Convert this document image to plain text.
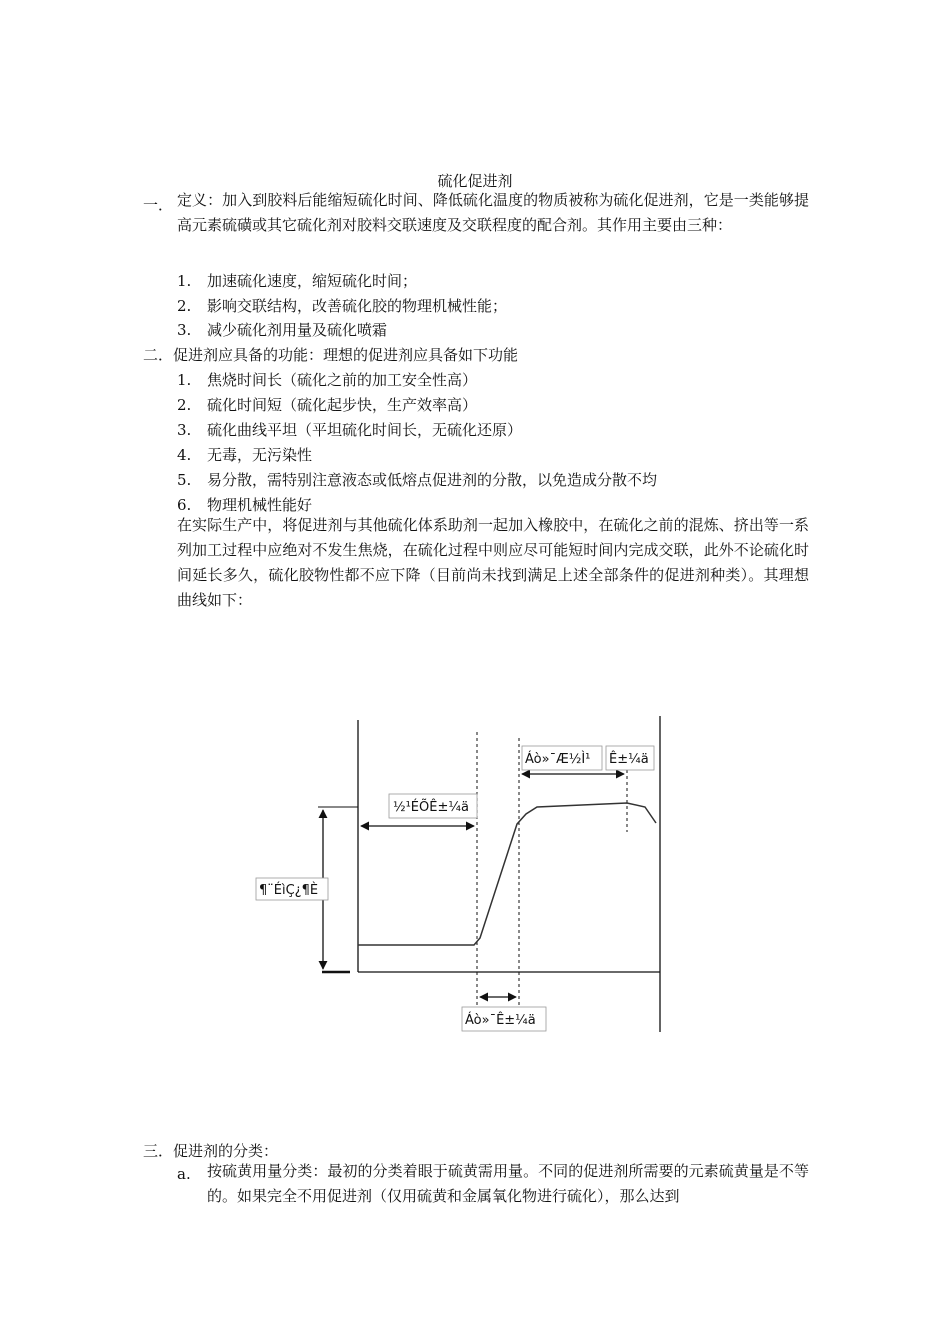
硫化促进剂
一． 定义：加入到胶料后能缩短硫化时间、降低硫化温度的物质被称为硫化促进剂，它是一类能够提高元素硫磺或其它硫化剂对胶料交联速度及交联程度的配合剂。其作用主要由三种：
1. 加速硫化速度，缩短硫化时间；
2. 影响交联结构，改善硫化胶的物理机械性能；
3. 减少硫化剂用量及硫化喷霜
二．促进剂应具备的功能：理想的促进剂应具备如下功能
1. 焦烧时间长（硫化之前的加工安全性高）
2. 硫化时间短（硫化起步快，生产效率高）
3. 硫化曲线平坦（平坦硫化时间长，无硫化还原）
4. 无毒，无污染性
5. 易分散，需特别注意液态或低熔点促进剂的分散，以免造成分散不均
6. 物理机械性能好
在实际生产中，将促进剂与其他硫化体系助剂一起加入橡胶中，在硫化之前的混炼、挤出等一系列加工过程中应绝对不发生焦烧，在硫化过程中则应尽可能短时间内完成交联，此外不论硫化时间延长多久，硫化胶物性都不应下降（目前尚未找到满足上述全部条件的促进剂种类）。其理想曲线如下：
½¹ÉÕÊ±¼ä
Áò»¯Æ½Ì¹ Ê±¼ä
¶¨ÉìÇ¿¶È
Áò»¯Ê±¼ä
三．促进剂的分类：
a. 按硫黄用量分类：最初的分类着眼于硫黄需用量。不同的促进剂所需要的元素硫黄量是不等的。如果完全不用促进剂（仅用硫黄和金属氧化物进行硫化），那么达到
